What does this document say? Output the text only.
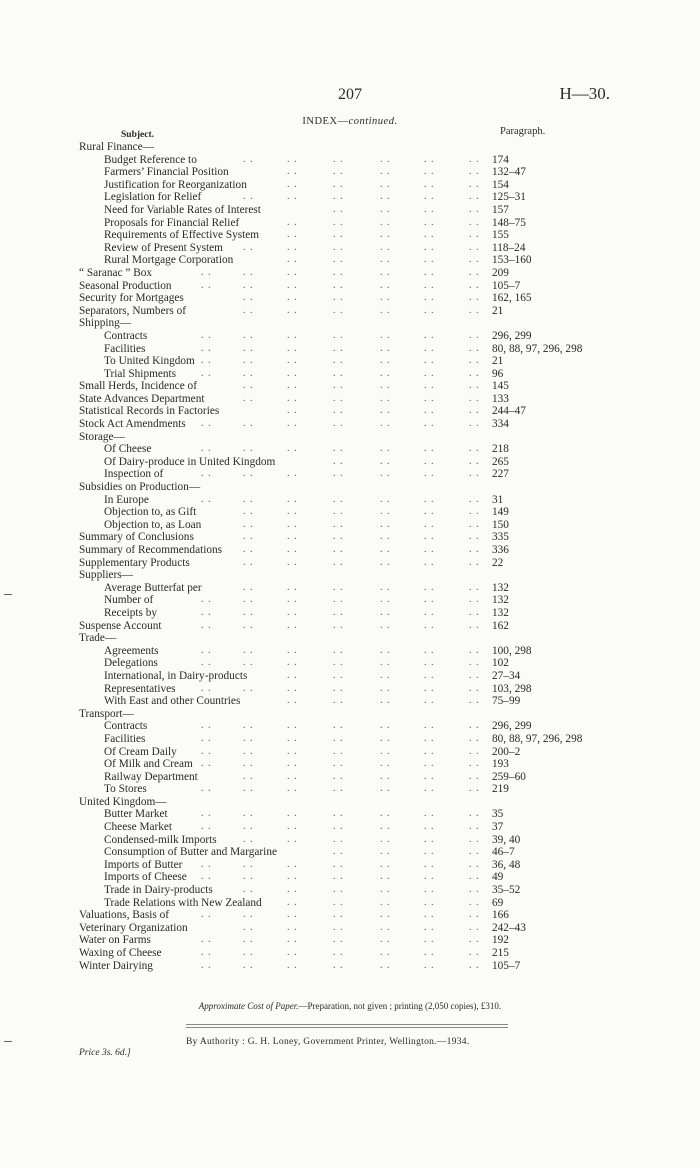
207	H—30.
INDEX—continued.
Subject.	Paragraph.
Rural Finance—
Budget Reference to	. .	. .	. .	. .	. .	. . 174
Farmers’ Financial Position	. .	. .	. .	. .	. . 132–47
Justification for Reorganization	. .	. .	. .	. .	. . 154
Legislation for Relief	. .	. .	. .	. .	. .	. . 125–31
Need for Variable Rates of Interest	. .	. .	. .	. . 157
Proposals for Financial Relief	. .	. .	. .	. .	. . 148–75
Requirements of Effective System	. .	. .	. .	. .	. . 155
Review of Present System . .	. .	. .	. .	. .	. . 118–24
Rural Mortgage Corporation	. .	. .	. .	. .	. . 153–160
“ Saranac ” Box	. .	. .	. .	. .	. .	. .	. . 209
Seasonal Production	. .	. .	. .	. .	. .	. .	. . 105–7
Security for Mortgages	. .	. .	. .	. .	. .	. . 162, 165
Separators, Numbers of	. .	. .	. .	. .	. .	. . 21
Shipping—
Contracts	. .	. .	. .	. .	. .	. .	. . 296, 299
Facilities	. .	. .	. .	. .	. .	. .	. . 80, 88, 97, 296, 298
To United Kingdom . .	. .	. .	. .	. .	. .	. . 21
Trial Shipments . .	. .	. .	. .	. .	. .	. . 96
Small Herds, Incidence of	. .	. .	. .	. .	. .	. . 145
State Advances Department	. .	. .	. .	. .	. .	. . 133
Statistical Records in Factories	. .	. .	. .	. .	. . 244–47
Stock Act Amendments . .	. .	. .	. .	. .	. .	. . 334
Storage—
Of Cheese	. .	. .	. .	. .	. .	. .	. . 218
Of Dairy-produce in United Kingdom	. .	. .	. .	. . 265
Inspection of	. .	. .	. .	. .	. .	. .	. . 227
Subsidies on Production—
In Europe	. .	. .	. .	. .	. .	. .	. . 31
Objection to, as Gift	. .	. .	. .	. .	. .	. . 149
Objection to, as Loan	. .	. .	. .	. .	. .	. . 150
Summary of Conclusions	. .	. .	. .	. .	. .	. . 335
Summary of Recommendations . .	. .	. .	. .	. .	. . 336
Supplementary Products	. .	. .	. .	. .	. .	. . 22
Suppliers—
Average Butterfat per	. .	. .	. .	. .	. .	. . 132
Number of	. .	. .	. .	. .	. .	. .	. . 132
Receipts by	. .	. .	. .	. .	. .	. .	. . 132
Suspense Account	. .	. .	. .	. .	. .	. .	. . 162
Trade—
Agreements	. .	. .	. .	. .	. .	. .	. . 100, 298
Delegations	. .	. .	. .	. .	. .	. .	. . 102
International, in Dairy-products	. .	. .	. .	. .	. . 27–34
Representatives	. .	. .	. .	. .	. .	. .	. . 103, 298
With East and other Countries	. .	. .	. .	. .	. . 75–99
Transport—
Contracts	. .	. .	. .	. .	. .	. .	. . 296, 299
Facilities	. .	. .	. .	. .	. .	. .	. . 80, 88, 97, 296, 298
Of Cream Daily . .	. .	. .	. .	. .	. .	. . 200–2
Of Milk and Cream . .	. .	. .	. .	. .	. .	. . 193
Railway Department	. .	. .	. .	. .	. .	. . 259–60
To Stores	. .	. .	. .	. .	. .	. .	. . 219
United Kingdom—
Butter Market	. .	. .	. .	. .	. .	. .	. . 35
Cheese Market	. .	. .	. .	. .	. .	. .	. . 37
Condensed-milk Imports	. .	. .	. .	. .	. .	. . 39, 40
Consumption of Butter and Margarine	. .	. .	. .	. . 46–7
Imports of Butter . .	. .	. .	. .	. .	. .	. . 36, 48
Imports of Cheese . .	. .	. .	. .	. .	. .	. . 49
Trade in Dairy-products	. .	. .	. .	. .	. .	. . 35–52
Trade Relations with New Zealand	. .	. .	. .	. .	. . 69
Valuations, Basis of	. .	. .	. .	. .	. .	. .	. . 166
Veterinary Organization	. .	. .	. .	. .	. .	. . 242–43
Water on Farms	. .	. .	. .	. .	. .	. .	. . 192
Waxing of Cheese	. .	. .	. .	. .	. .	. .	. . 215
Winter Dairying	. .	. .	. .	. .	. .	. .	. . 105–7
Approximate Cost of Paper.—Preparation, not given ; printing (2,050 copies), £310.
By Authority : G. H. Loney, Government Printer, Wellington.—1934.
Price 3s. 6d.]
